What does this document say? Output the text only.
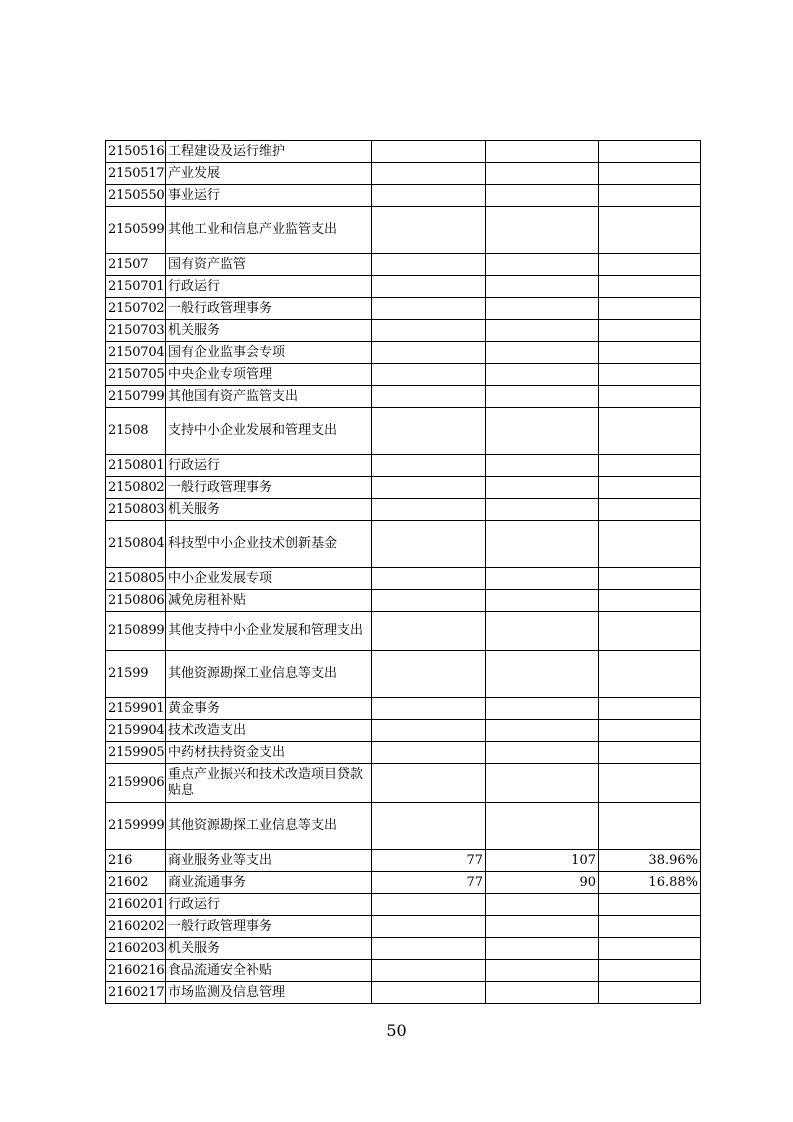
2150516	工程建设及运行维护			
2150517	产业发展			
2150550	事业运行			
2150599	其他工业和信息产业监管支出			
21507	国有资产监管			
2150701	行政运行			
2150702	一般行政管理事务			
2150703	机关服务			
2150704	国有企业监事会专项			
2150705	中央企业专项管理			
2150799	其他国有资产监管支出			
21508	支持中小企业发展和管理支出			
2150801	行政运行			
2150802	一般行政管理事务			
2150803	机关服务			
2150804	科技型中小企业技术创新基金			
2150805	中小企业发展专项			
2150806	减免房租补贴			
2150899	其他支持中小企业发展和管理支出			
21599	其他资源勘探工业信息等支出			
2159901	黄金事务			
2159904	技术改造支出			
2159905	中药材扶持资金支出			
2159906	重点产业振兴和技术改造项目贷款贴息			
2159999	其他资源勘探工业信息等支出			
216	商业服务业等支出	77	107	38.96%
21602	商业流通事务	77	90	16.88%
2160201	行政运行			
2160202	一般行政管理事务			
2160203	机关服务			
2160216	食品流通安全补贴			
2160217	市场监测及信息管理			
50
